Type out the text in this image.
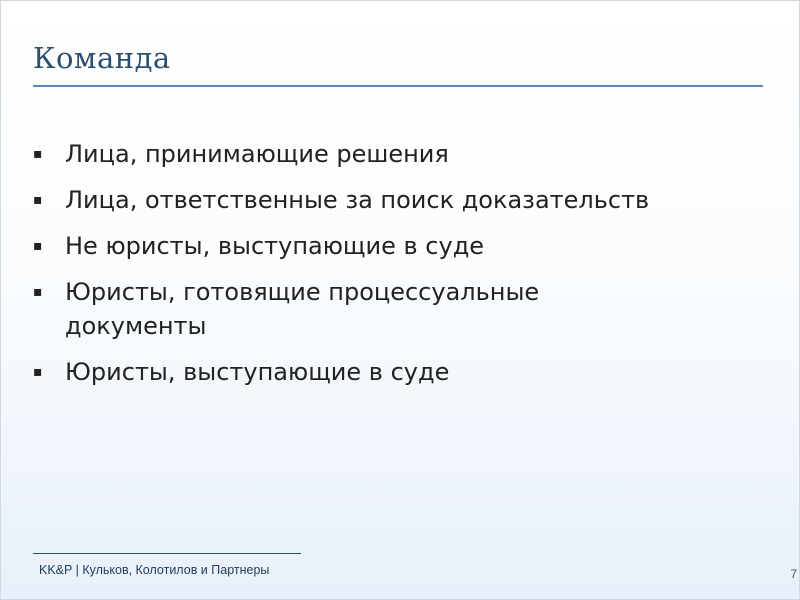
Команда
▪ Лица, принимающие решения
▪ Лица, ответственные за поиск доказательств
▪ Не юристы, выступающие в суде
▪ Юристы, готовящие процессуальные документы
▪ Юристы, выступающие в суде
KK&P | Кульков, Колотилов и Партнеры	7
